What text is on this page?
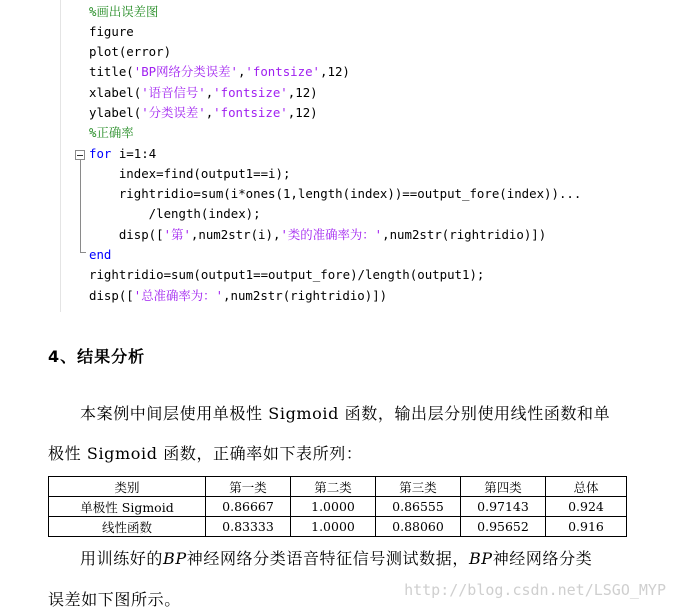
%画出误差图
figure
plot(error)
title('BP网络分类误差','fontsize',12)
xlabel('语音信号','fontsize',12)
ylabel('分类误差','fontsize',12)
%正确率
for i=1:4
index=find(output1==i);
rightridio=sum(i*ones(1,length(index))==output_fore(index))...
/length(index);
disp(['第',num2str(i),'类的准确率为：',num2str(rightridio)])
end
rightridio=sum(output1==output_fore)/length(output1);
disp(['总准确率为：',num2str(rightridio)])
4、结果分析
本案例中间层使用单极性 Sigmoid 函数，输出层分别使用线性函数和单
极性 Sigmoid 函数，正确率如下表所列：
类别	第一类	第二类	第三类	第四类	总体
单极性 Sigmoid	0.86667	1.0000	0.86555	0.97143	0.924
线性函数	0.83333	1.0000	0.88060	0.95652	0.916
用训练好的BP神经网络分类语音特征信号测试数据，BP神经网络分类
误差如下图所示。	http://blog.csdn.net/LSGO_MYP
